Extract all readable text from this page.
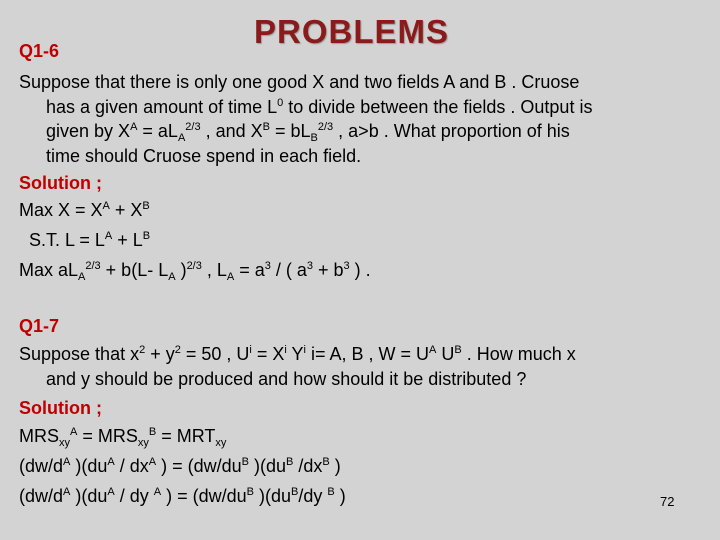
PROBLEMS
Q1-6
Suppose that there is only one good X and two fields A and B . Cruose
has a given amount of time $L^0$ to divide between the fields . Output is
given by $X^A = aL_A^{2/3}$ , and $X^B = bL_B^{2/3}$ , a>b . What proportion of his
time should Cruose spend in each field.
Solution ;
Max $X = X^A + X^B$
S.T. $L = L^A + L^B$
Max $aL_A^{2/3} + b(L-$ $L_A$ )$^{2/3}$ , $L_A = a^3$ / ( $a^3 + b^3$ ) .
Q1-7
Suppose that $x^2 + y^2 = 50$ , $U^i = X^i$ $Y^i$ i= A, B , $W = U^A$ $U^B$ . How much x
and y should be produced and how should it be distributed ?
Solution ;
$MRS_{xy}^A = MRS_{xy}^B = MRT_{xy}$
($dw/d^A$ )($du^A / dx^A$ ) = ($dw/du^B$ )($du^B$ $/dx^B$ )
($dw/d^A$ )($du^A$ / dy $^A$ ) = ($dw/du^B$ )($du^B/dy$ $^B$ )	72
